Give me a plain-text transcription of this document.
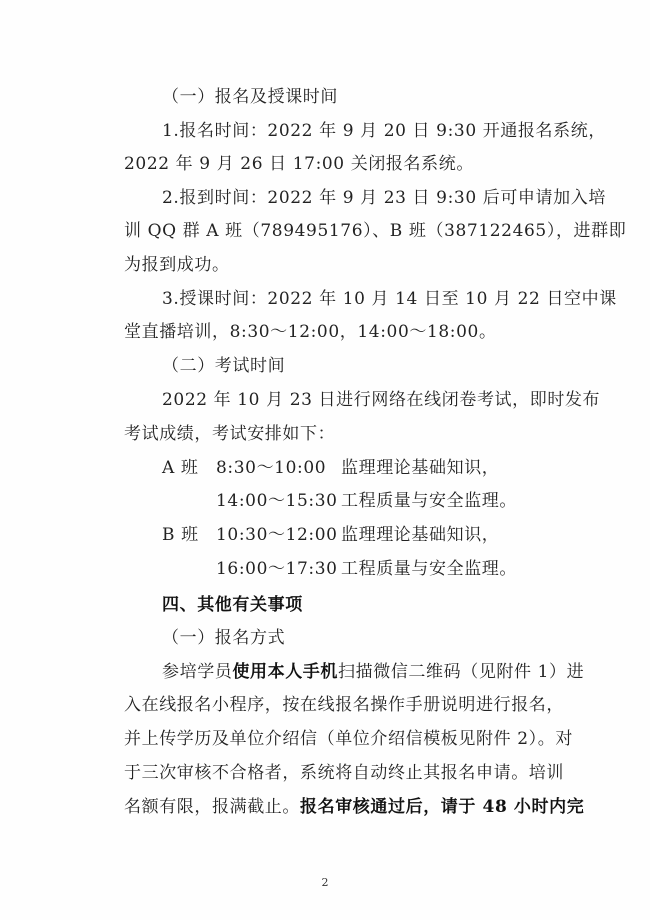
（一）报名及授课时间
1.报名时间：2022 年 9 月 20 日 9:30 开通报名系统，
2022 年 9 月 26 日 17:00 关闭报名系统。
2.报到时间：2022 年 9 月 23 日 9:30 后可申请加入培
训 QQ 群 A 班（789495176）、B 班（387122465），进群即
为报到成功。
3.授课时间：2022 年 10 月 14 日至 10 月 22 日空中课
堂直播培训，8:30～12:00，14:00～18:00。
（二）考试时间
2022 年 10 月 23 日进行网络在线闭卷考试，即时发布
考试成绩，考试安排如下：
A 班 8:30～10:00 监理理论基础知识，
14:00～15:30 工程质量与安全监理。
B 班 10:30～12:00 监理理论基础知识，
16:00～17:30 工程质量与安全监理。
四、其他有关事项
（一）报名方式
参培学员使用本人手机扫描微信二维码（见附件 1）进
入在线报名小程序，按在线报名操作手册说明进行报名，
并上传学历及单位介绍信（单位介绍信模板见附件 2）。对
于三次审核不合格者，系统将自动终止其报名申请。培训
名额有限，报满截止。报名审核通过后，请于 48 小时内完
2
